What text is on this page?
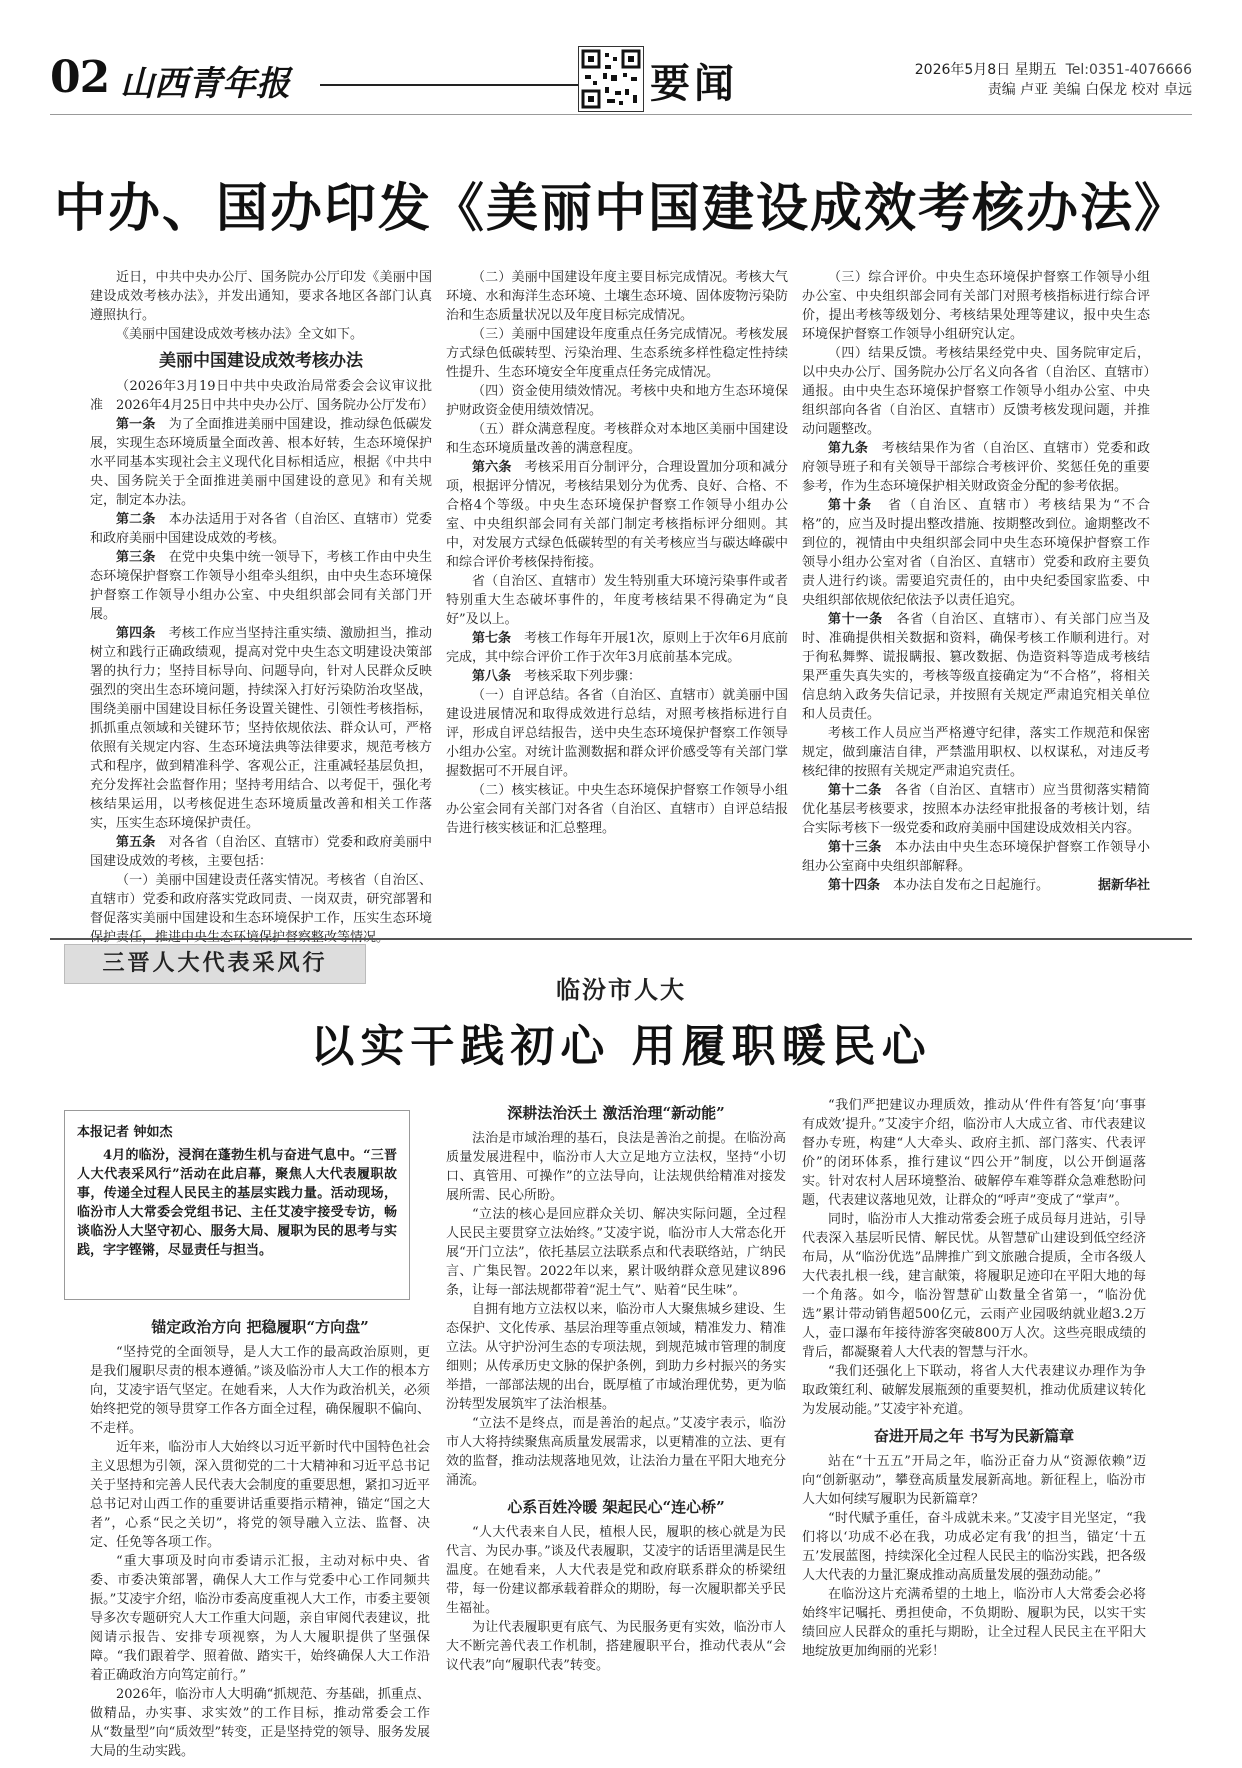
02 山西青年报	要闻	2026年5月8日 星期五 Tel:0351-4076666
责编 卢亚 美编 白保龙 校对 卓远
中办、国办印发《美丽中国建设成效考核办法》

近日，中共中央办公厅、国务院办公厅印发《美丽中国建设成效考核办法》，并发出通知，要求各地区各部门认真遵照执行。

《美丽中国建设成效考核办法》全文如下。

美丽中国建设成效考核办法

（2026年3月19日中共中央政治局常委会会议审议批准　2026年4月25日中共中央办公厅、国务院办公厅发布）

第一条　 为了全面推进美丽中国建设，推动绿色低碳发展，实现生态环境质量全面改善、根本好转，生态环境保护水平同基本实现社会主义现代化目标相适应，根据《中共中央、国务院关于全面推进美丽中国建设的意见》和有关规定，制定本办法。

第二条　 本办法适用于对各省（自治区、直辖市）党委和政府美丽中国建设成效的考核。

第三条　 在党中央集中统一领导下，考核工作由中央生态环境保护督察工作领导小组牵头组织，由中央生态环境保护督察工作领导小组办公室、中央组织部会同有关部门开展。

第四条　 考核工作应当坚持注重实绩、激励担当，推动树立和践行正确政绩观，提高对党中央生态文明建设决策部署的执行力；坚持目标导向、问题导向，针对人民群众反映强烈的突出生态环境问题，持续深入打好污染防治攻坚战，围绕美丽中国建设目标任务设置关键性、引领性考核指标，抓抓重点领域和关键环节；坚持依规依法、群众认可，严格依照有关规定内容、生态环境法典等法律要求，规范考核方式和程序，做到精准科学、客观公正，注重减轻基层负担，充分发挥社会监督作用；坚持考用结合、以考促干，强化考核结果运用，以考核促进生态环境质量改善和相关工作落实，压实生态环境保护责任。

第五条　 对各省（自治区、直辖市）党委和政府美丽中国建设成效的考核，主要包括：

（一）美丽中国建设责任落实情况。考核省（自治区、直辖市）党委和政府落实党政同责、一岗双责，研究部署和督促落实美丽中国建设和生态环境保护工作，压实生态环境

（二）美丽中国建设年度主要目标完成情况。考核大气环境、水和海洋生态环境、土壤生态环境、固体废物污染防治和生态质量状况以及年度目标完成情况。

（三）美丽中国建设年度重点任务完成情况。考核发展方式绿色低碳转型、污染治理、生态系统多样性稳定性持续性提升、生态环境安全年度重点任务完成情况。

（四）资金使用绩效情况。考核中央和地方生态环境保护财政资金使用绩效情况。

（五）群众满意程度。考核群众对本地区美丽中国建设和生态环境质量改善的满意程度。

第六条　 考核采用百分制评分，合理设置加分项和减分项，根据评分情况，考核结果划分为优秀、良好、合格、不合格4个等级。中央生态环境保护督察工作领导小组办公室、中央组织部会同有关部门制定考核指标评分细则。其中，对发展方式绿色低碳转型的有关考核应当与碳达峰碳中和综合评价考核保持衔接。

省（自治区、直辖市）发生特别重大环境污染事件或者特别重大生态破坏事件的，年度考核结果不得确定为“良好”及以上。

第七条　 考核工作每年开展1次，原则上于次年6月底前完成，其中综合评价工作于次年3月底前基本完成。

第八条　 考核采取下列步骤：

（一）自评总结。各省（自治区、直辖市）就美丽中国建设进展情况和取得成效进行总结，对照考核指标进行自评，形成自评总结报告，送中央生态环境保护督察工作领导小组办公室。对统计监测数据和群众评价感受等有关部门掌握数据可不开展自评。

（二）核实核证。中央生态环境保护督察工作领导小组办公室会同有关部门对各省（自治区、直辖市）自评总结报告进行核实核证和汇总整理。

（三）综合评价。中央生态环境保护督察工作领导小组办公室、中央组织部会同有关部门对照考核指标进行综合评价，提出考核等级划分、考核结果处理等建议，报中央生态环境保护督察工作领导小组研究认定。

（四）结果反馈。考核结果经党中央、国务院审定后，以中央办公厅、国务院办公厅名义向各省（自治区、直辖市）通报。由中央生态环境保护督察工作领导小组办公室、中央组织部向各省（自治区、直辖市）反馈考核发现问题，并推动问题整改。

第九条　 考核结果作为省（自治区、直辖市）党委和政府领导班子和有关领导干部综合考核评价、奖惩任免的重要参考，作为生态环境保护相关财政资金分配的参考依据。

第十条　 省（自治区、直辖市）考核结果为“不合格”的，应当及时提出整改措施、按期整改到位。逾期整改不到位的，视情由中央组织部会同中央生态环境保护督察工作领导小组办公室对省（自治区、直辖市）党委和政府主要负责人进行约谈。需要追究责任的，由中央纪委国家监委、中央组织部依规依纪依法予以责任追究。

第十一条　 各省（自治区、直辖市）、有关部门应当及时、准确提供相关数据和资料，确保考核工作顺利进行。对于徇私舞弊、谎报瞒报、篡改数据、伪造资料等造成考核结果严重失真失实的，考核等级直接确定为“不合格”，将相关信息纳入政务失信记录，并按照有关规定严肃追究相关单位和人员责任。

考核工作人员应当严格遵守纪律，落实工作规范和保密规定，做到廉洁自律，严禁滥用职权、以权谋私，对违反考核纪律的按照有关规定严肃追究责任。

第十二条　 各省（自治区、直辖市）应当贯彻落实精简优化基层考核要求，按照本办法经审批报备的考核计划，结合实际考核下一级党委和政府美丽中国建设成效相关内容。

第十三条　 本办法由中央生态环境保护督察工作领导小组办公室商中央组织部解释。

第十四条　 本办法自发布之日起施行。	据新华社

三晋人大代表采风行
临汾市人大
以实干践初心 用履职暖民心
本报记者 钟如杰

4月的临汾，浸润在蓬勃生机与奋进气息中。“三晋人大代表采风行”活动在此启幕，聚焦人大代表履职故事，传递全过程人民民主的基层实践力量。活动现场，临汾市人大常委会党组书记、主任艾凌宇接受专访，畅谈临汾人大坚守初心、服务大局、履职为民的思考与实践，字字铿锵，尽显责任与担当。

锚定政治方向 把稳履职“方向盘”

“坚持党的全面领导，是人大工作的最高政治原则，更是我们履职尽责的根本遵循。”谈及临汾市人大工作的根本方向，艾凌宇语气坚定。在她看来，人大作为政治机关，必须始终把党的领导贯穿工作各方面全过程，确保履职不偏向、不走样。

近年来，临汾市人大始终以习近平新时代中国特色社会主义思想为引领，深入贯彻党的二十大精神和习近平总书记关于坚持和完善人民代表大会制度的重要思想，紧扣习近平总书记对山西工作的重要讲话重要指示精神，锚定“国之大者”，心系“民之关切”，将党的领导融入立法、监督、决定、任免等各项工作。

“重大事项及时向市委请示汇报，主动对标中央、省委、市委决策部署，确保人大工作与党委中心工作同频共振。”艾凌宇介绍，临汾市委高度重视人大工作，市委主要领导多次专题研究人大工作重大问题，亲自审阅代表建议，批阅请示报告、安排专项视察，为人大履职提供了坚强保障。“我们跟着学、照着做、踏实干，始终确保人大工作沿着正确政治方向笃定前行。”

2026年，临汾市人大明确“抓规范、夯基础，抓重点、做精品，办实事、求实效”的工作目标，推动常委会工作从“数量型”向“质效型”转变，正是坚持党的领导、服务发展大局的生动实践。

深耕法治沃土 激活治理“新动能”

法治是市域治理的基石，良法是善治之前提。在临汾高质量发展进程中，临汾市人大立足地方立法权，坚持“小切口、真管用、可操作”的立法导向，让法规供给精准对接发展所需、民心所盼。

“立法的核心是回应群众关切、解决实际问题，全过程人民民主要贯穿立法始终。”艾凌宇说，临汾市人大常态化开展“开门立法”，依托基层立法联系点和代表联络站，广纳民言、广集民智。2022年以来，累计吸纳群众意见建议896条，让每一部法规都带着“泥土气”、贴着“民生味”。

自拥有地方立法权以来，临汾市人大聚焦城乡建设、生态保护、文化传承、基层治理等重点领域，精准发力、精准立法。从守护汾河生态的专项法规，到规范城市管理的制度细则；从传承历史文脉的保护条例，到助力乡村振兴的务实举措，一部部法规的出台，既厚植了市域治理优势，更为临汾转型发展筑牢了法治根基。

“立法不是终点，而是善治的起点。”艾凌宇表示，临汾市人大将持续聚焦高质量发展需求，以更精准的立法、更有效的监督，推动法规落地见效，让法治力量在平阳大地充分涌流。

心系百姓冷暖 架起民心“连心桥”

“人大代表来自人民，植根人民，履职的核心就是为民代言、为民办事。”谈及代表履职，艾凌宇的话语里满是民生温度。在她看来，人大代表是党和政府联系群众的桥梁纽带，每一份建议都承载着群众的期盼，每一次履职都关乎民生福祉。

为让代表履职更有底气、为民服务更有实效，临汾市人大不断完善代表工作机制，搭建履职平台，推动代表从“会议代表”向“履职代表”转变。

“我们严把建议办理质效，推动从‘件件有答复’向‘事事有成效’提升。”艾凌宇介绍，临汾市人大成立省、市代表建议督办专班，构建“人大牵头、政府主抓、部门落实、代表评价”的闭环体系，推行建议“四公开”制度，以公开倒逼落实。针对农村人居环境整治、破解停车难等群众急难愁盼问题，代表建议落地见效，让群众的“呼声”变成了“掌声”。

同时，临汾市人大推动常委会班子成员每月进站，引导代表深入基层听民情、解民忧。从智慧矿山建设到低空经济布局，从“临汾优选”品牌推广到文旅融合提质，全市各级人大代表扎根一线，建言献策，将履职足迹印在平阳大地的每一个角落。如今，临汾智慧矿山数量全省第一，“临汾优选”累计带动销售超500亿元，云雨产业园吸纳就业超3.2万人，壶口瀑布年接待游客突破800万人次。这些亮眼成绩的背后，都凝聚着人大代表的智慧与汗水。

“我们还强化上下联动，将省人大代表建议办理作为争取政策红利、破解发展瓶颈的重要契机，推动优质建议转化为发展动能。”艾凌宇补充道。

奋进开局之年 书写为民新篇章

站在“十五五”开局之年，临汾正奋力从“资源依赖”迈向“创新驱动”，攀登高质量发展新高地。新征程上，临汾市人大如何续写履职为民新篇章？

“时代赋予重任，奋斗成就未来。”艾凌宇目光坚定，“我们将以‘功成不必在我，功成必定有我’的担当，锚定‘十五五’发展蓝图，持续深化全过程人民民主的临汾实践，把各级人大代表的力量汇聚成推动高质量发展的强劲动能。”

在临汾这片充满希望的土地上，临汾市人大常委会必将始终牢记嘱托、勇担使命，不负期盼、履职为民，以实干实绩回应人民群众的重托与期盼，让全过程人民民主在平阳大地绽放更加绚丽的光彩！
